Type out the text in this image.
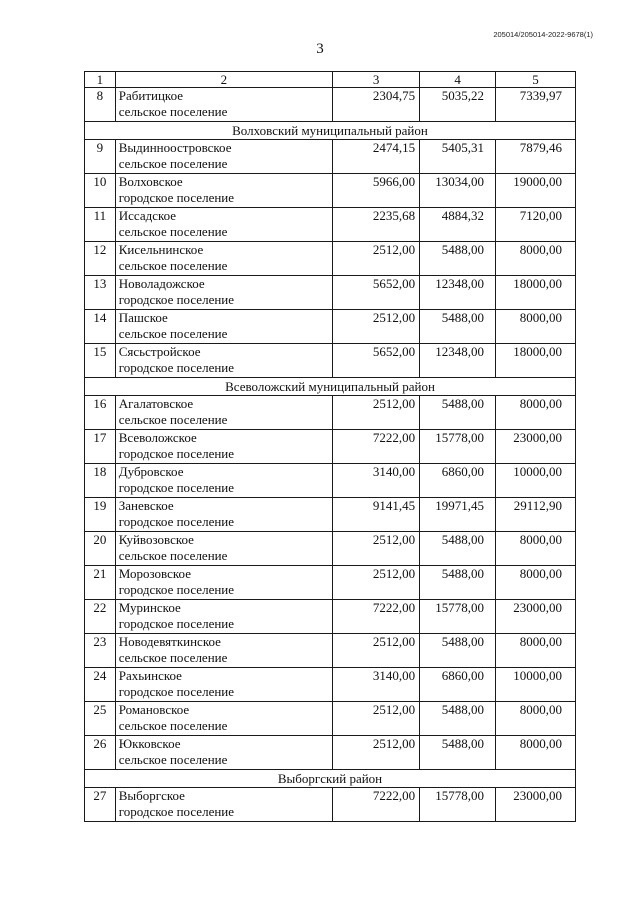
205014/205014-2022-9678(1)
3
1	2	3	4	5
8	Рабитицкое
сельское поселение	2304,75	5035,22	7339,97
Волховский муниципальный район				
9	Выдинноостровское
сельское поселение	2474,15	5405,31	7879,46
10	Волховское
городское поселение	5966,00	13034,00	19000,00
11	Иссадское
сельское поселение	2235,68	4884,32	7120,00
12	Кисельнинское
сельское поселение	2512,00	5488,00	8000,00
13	Новоладожское
городское поселение	5652,00	12348,00	18000,00
14	Пашское
сельское поселение	2512,00	5488,00	8000,00
15	Сясьстройское
городское поселение	5652,00	12348,00	18000,00
Всеволожский муниципальный район				
16	Агалатовское
сельское поселение	2512,00	5488,00	8000,00
17	Всеволожское
городское поселение	7222,00	15778,00	23000,00
18	Дубровское
городское поселение	3140,00	6860,00	10000,00
19	Заневское
городское поселение	9141,45	19971,45	29112,90
20	Куйвозовское
сельское поселение	2512,00	5488,00	8000,00
21	Морозовское
городское поселение	2512,00	5488,00	8000,00
22	Муринское
городское поселение	7222,00	15778,00	23000,00
23	Новодевяткинское
сельское поселение	2512,00	5488,00	8000,00
24	Рахьинское
городское поселение	3140,00	6860,00	10000,00
25	Романовское
сельское поселение	2512,00	5488,00	8000,00
26	Юкковское
сельское поселение	2512,00	5488,00	8000,00
Выборгский район				
27	Выборгское
городское поселение	7222,00	15778,00	23000,00
